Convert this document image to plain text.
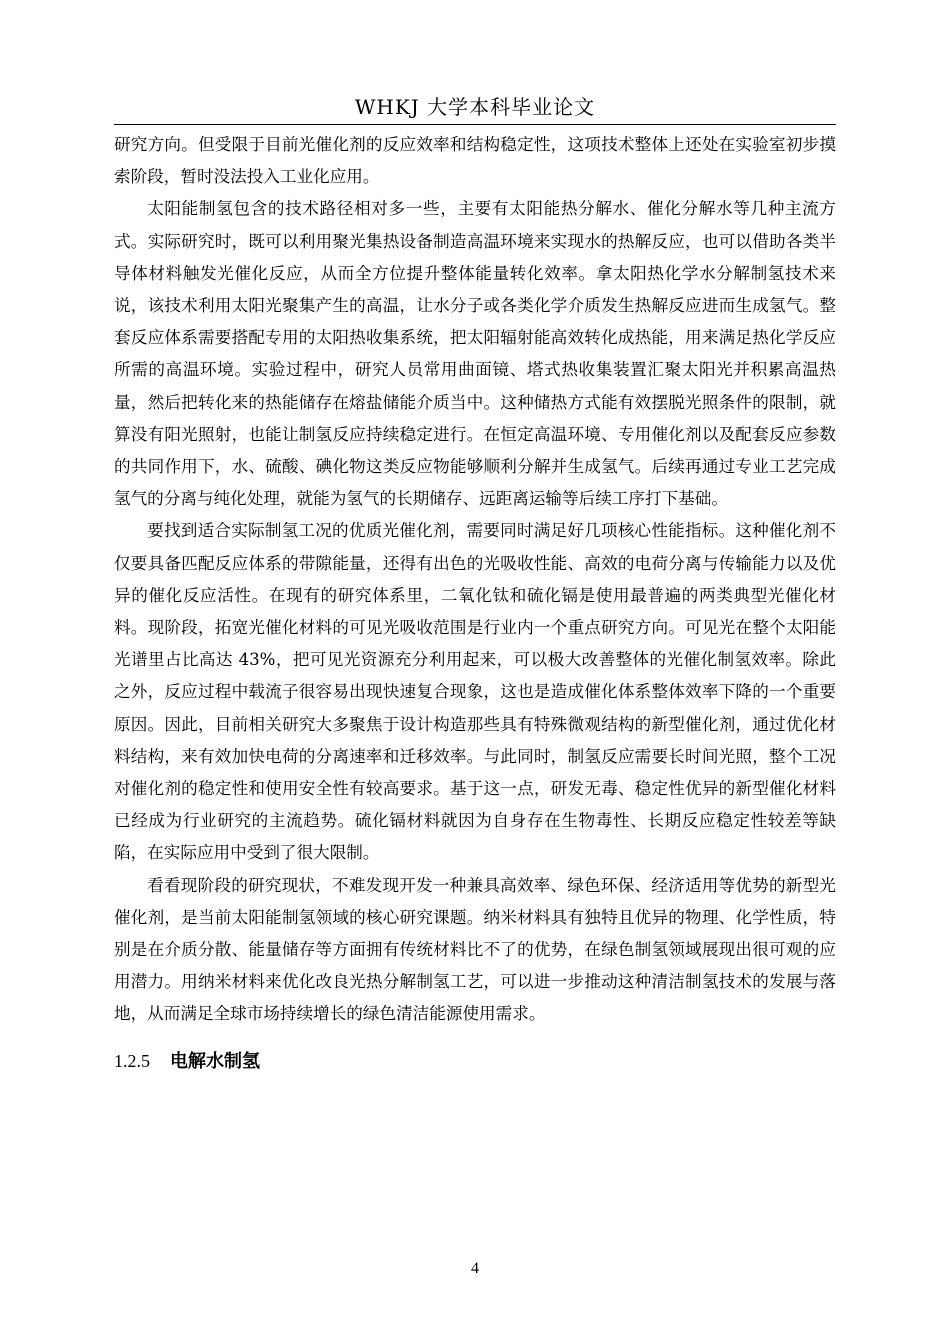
WHKJ 大学本科毕业论文

研究方向。但受限于目前光催化剂的反应效率和结构稳定性，这项技术整体上还处在实验室初步摸索阶段，暂时没法投入工业化应用。

太阳能制氢包含的技术路径相对多一些，主要有太阳能热分解水、催化分解水等几种主流方式。实际研究时，既可以利用聚光集热设备制造高温环境来实现水的热解反应，也可以借助各类半导体材料触发光催化反应，从而全方位提升整体能量转化效率。拿太阳热化学水分解制氢技术来说，该技术利用太阳光聚集产生的高温，让水分子或各类化学介质发生热解反应进而生成氢气。整套反应体系需要搭配专用的太阳热收集系统，把太阳辐射能高效转化成热能，用来满足热化学反应所需的高温环境。实验过程中，研究人员常用曲面镜、塔式热收集装置汇聚太阳光并积累高温热量，然后把转化来的热能储存在熔盐储能介质当中。这种储热方式能有效摆脱光照条件的限制，就算没有阳光照射，也能让制氢反应持续稳定进行。在恒定高温环境、专用催化剂以及配套反应参数的共同作用下，水、硫酸、碘化物这类反应物能够顺利分解并生成氢气。后续再通过专业工艺完成氢气的分离与纯化处理，就能为氢气的长期储存、远距离运输等后续工序打下基础。

要找到适合实际制氢工况的优质光催化剂，需要同时满足好几项核心性能指标。这种催化剂不仅要具备匹配反应体系的带隙能量，还得有出色的光吸收性能、高效的电荷分离与传输能力以及优异的催化反应活性。在现有的研究体系里，二氧化钛和硫化镉是使用最普遍的两类典型光催化材料。现阶段，拓宽光催化材料的可见光吸收范围是行业内一个重点研究方向。可见光在整个太阳能光谱里占比高达 43%，把可见光资源充分利用起来，可以极大改善整体的光催化制氢效率。除此之外，反应过程中载流子很容易出现快速复合现象，这也是造成催化体系整体效率下降的一个重要原因。因此，目前相关研究大多聚焦于设计构造那些具有特殊微观结构的新型催化剂，通过优化材料结构，来有效加快电荷的分离速率和迁移效率。与此同时，制氢反应需要长时间光照，整个工况对催化剂的稳定性和使用安全性有较高要求。基于这一点，研发无毒、稳定性优异的新型催化材料已经成为行业研究的主流趋势。硫化镉材料就因为自身存在生物毒性、长期反应稳定性较差等缺陷，在实际应用中受到了很大限制。

看看现阶段的研究现状，不难发现开发一种兼具高效率、绿色环保、经济适用等优势的新型光催化剂，是当前太阳能制氢领域的核心研究课题。纳米材料具有独特且优异的物理、化学性质，特别是在介质分散、能量储存等方面拥有传统材料比不了的优势，在绿色制氢领域展现出很可观的应用潜力。用纳米材料来优化改良光热分解制氢工艺，可以进一步推动这种清洁制氢技术的发展与落地，从而满足全球市场持续增长的绿色清洁能源使用需求。

1.2.5 电解水制氢
4
